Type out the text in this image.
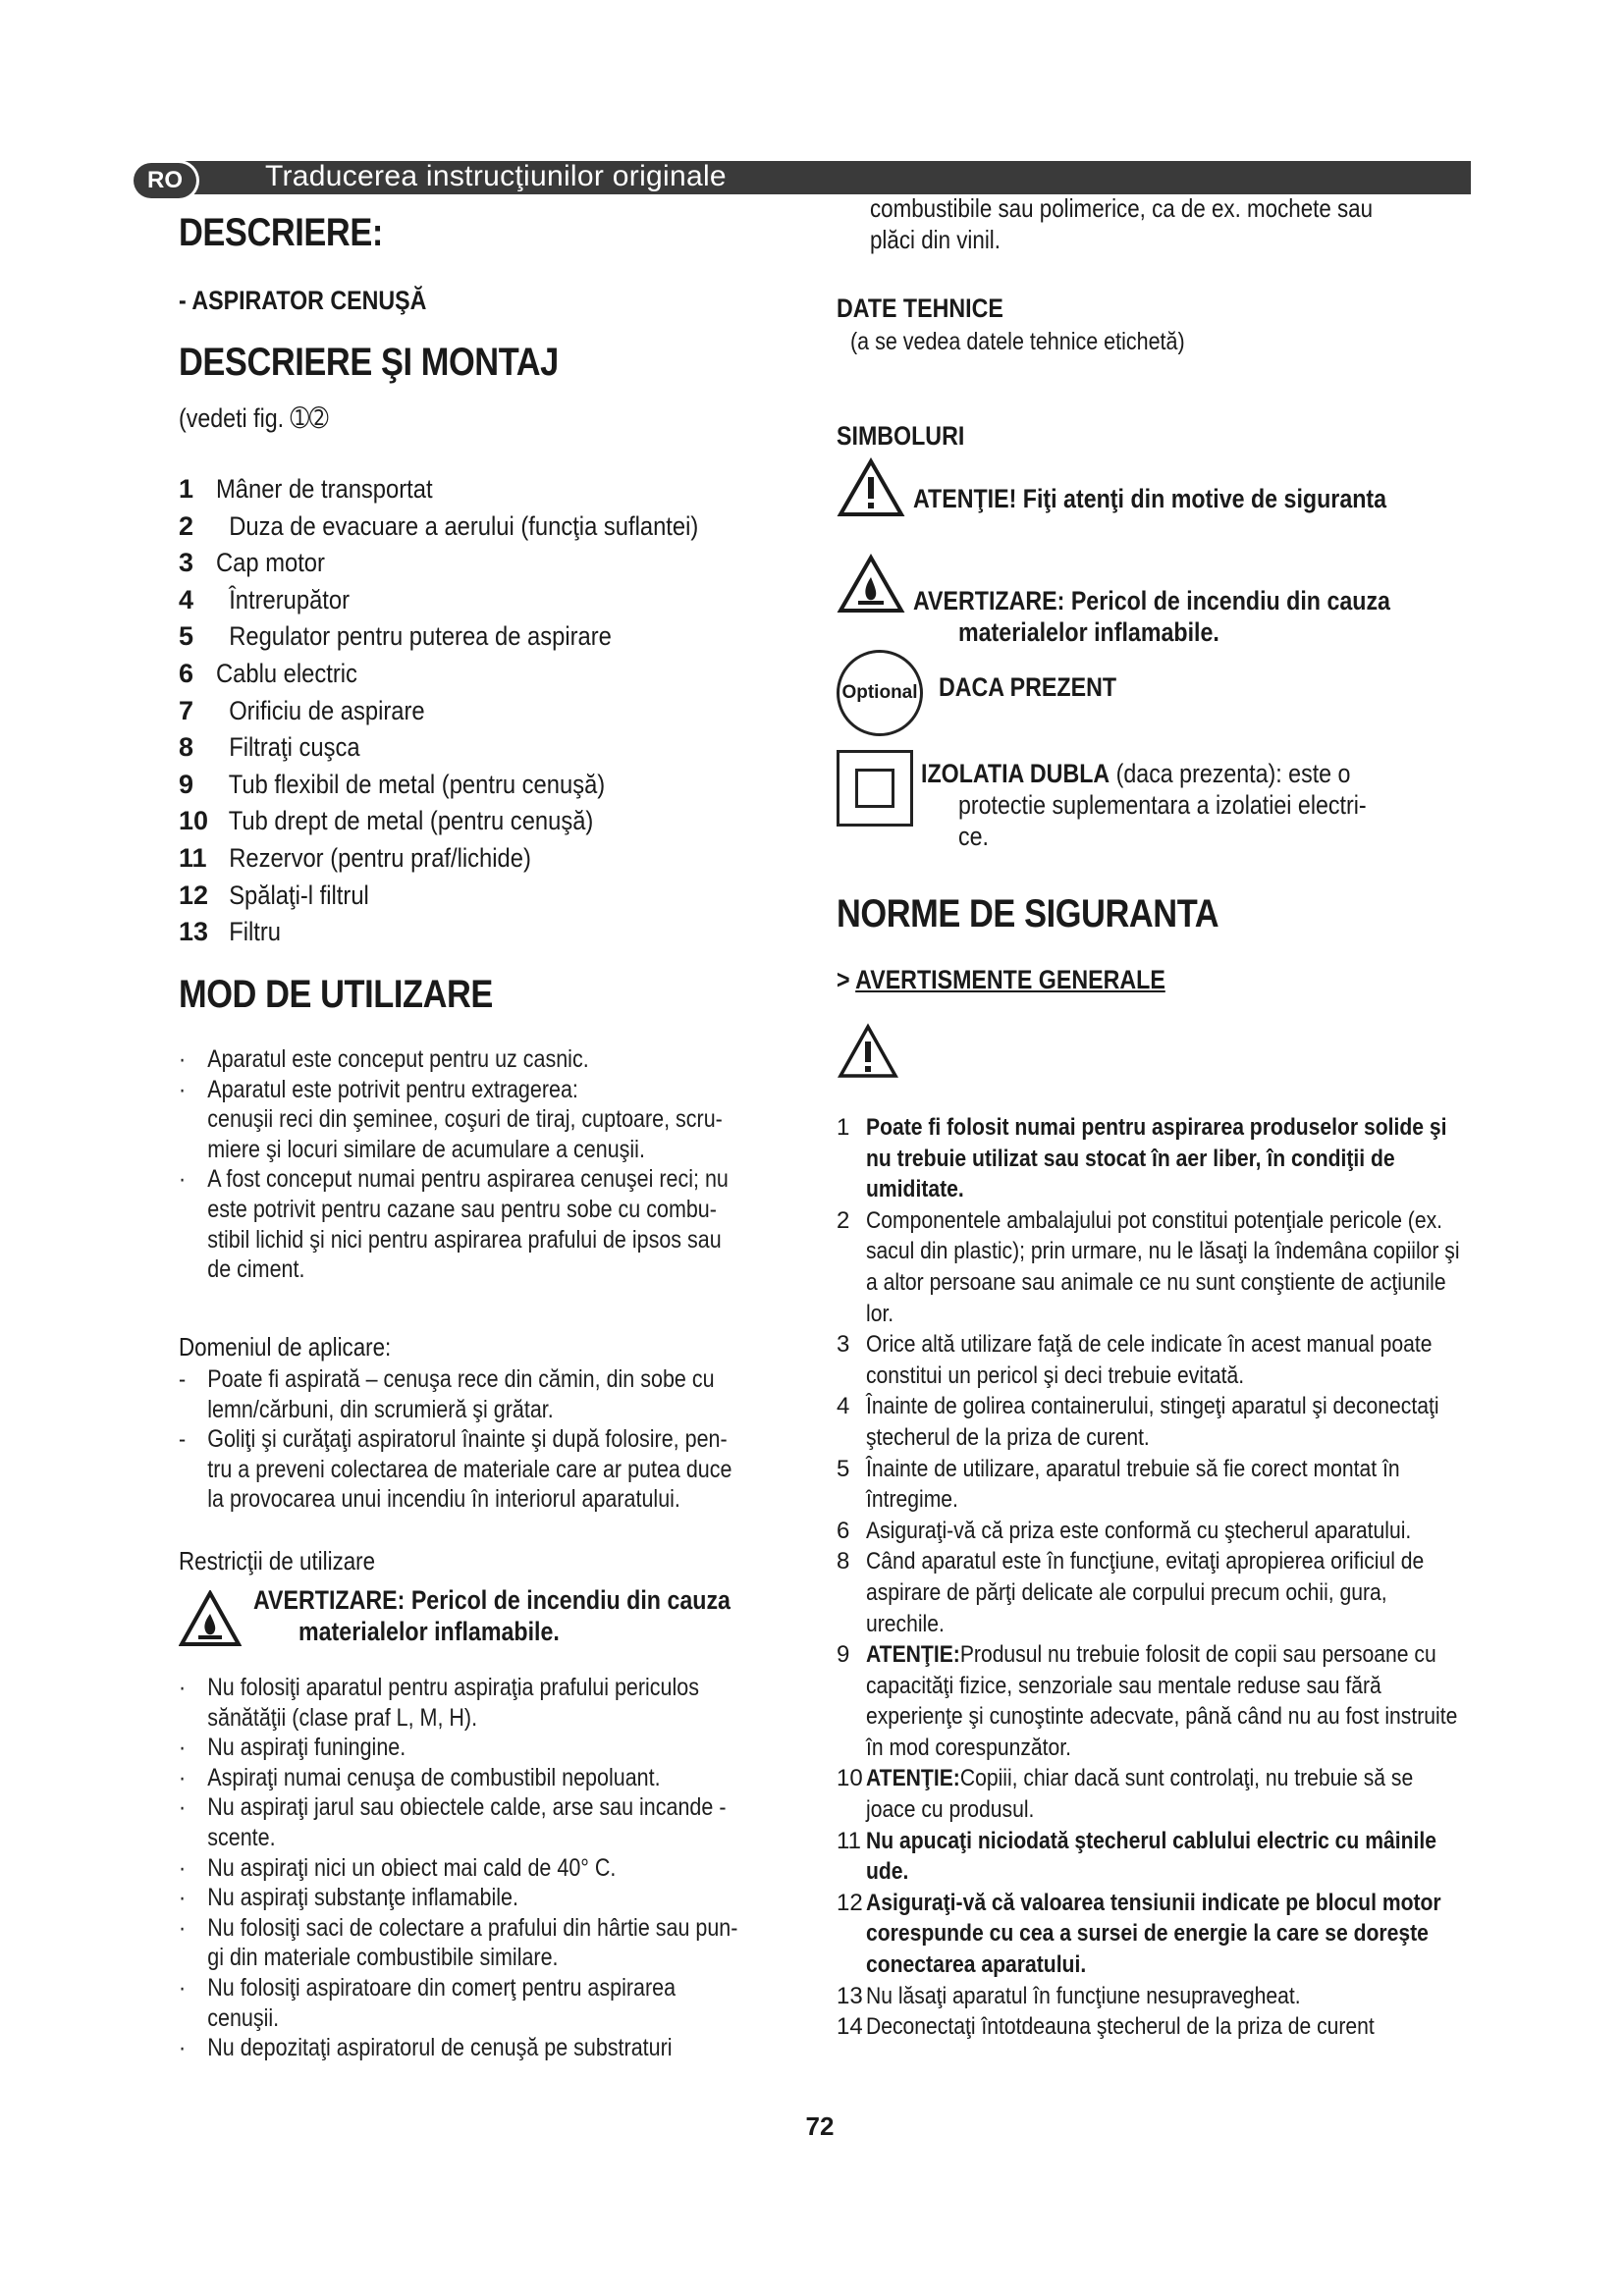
Traducerea instrucţiunilor originale
RO
DESCRIERE:
- ASPIRATOR CENUŞĂ
DESCRIERE ŞI MONTAJ
(vedeti fig. ➀➁
1 Mâner de transportat
2  Duza de evacuare a aerului (funcţia suflantei)
3 Cap motor
4  Întrerupător
5  Regulator pentru puterea de aspirare
6 Cablu electric
7  Orificiu de aspirare
8  Filtraţi cuşca
9  Tub flexibil de metal (pentru cenuşă)
10  Tub drept de metal (pentru cenuşă)
11  Rezervor (pentru praf/lichide)
12  Spălaţi-l filtrul
13  Filtru
MOD DE UTILIZARE
· Aparatul este conceput pentru uz casnic.
· Aparatul este potrivit pentru extragerea:
cenuşii reci din şeminee, coşuri de tiraj, cuptoare, scru-
miere şi locuri similare de acumulare a cenuşii.
· A fost conceput numai pentru aspirarea cenuşei reci; nu
este potrivit pentru cazane sau pentru sobe cu combu-
stibil lichid şi nici pentru aspirarea prafului de ipsos sau
de ciment.
Domeniul de aplicare:
- Poate fi aspirată – cenuşa rece din cămin, din sobe cu
lemn/cărbuni, din scrumieră şi grătar.
- Goliţi şi curăţaţi aspiratorul înainte şi după folosire, pen-
tru a preveni colectarea de materiale care ar putea duce
la provocarea unui incendiu în interiorul aparatului.
Restricţii de utilizare
AVERTIZARE: Pericol de incendiu din cauza
materialelor inflamabile.
· Nu folosiţi aparatul pentru aspiraţia prafului periculos
sănătăţii (clase praf L, M, H).
· Nu aspiraţi funingine.
· Aspiraţi numai cenuşa de combustibil nepoluant.
· Nu aspiraţi jarul sau obiectele calde, arse sau incande -
scente.
· Nu aspiraţi nici un obiect mai cald de 40° C.
· Nu aspiraţi substanţe inflamabile.
· Nu folosiţi saci de colectare a prafului din hârtie sau pun-
gi din materiale combustibile similare.
· Nu folosiţi aspiratoare din comerţ pentru aspirarea
cenuşii.
· Nu depozitaţi aspiratorul de cenuşă pe substraturi
combustibile sau polimerice, ca de ex. mochete sau
plăci din vinil.
DATE TEHNICE
(a se vedea datele tehnice etichetă)
SIMBOLURI
ATENŢIE! Fiţi atenţi din motive de siguranta
AVERTIZARE: Pericol de incendiu din cauza
materialelor inflamabile.
DACA PREZENT
IZOLATIA DUBLA (daca prezenta): este o
protectie suplementara a izolatiei electri-
ce.
NORME DE SIGURANTA
> AVERTISMENTE GENERALE
1 Poate fi folosit numai pentru aspirarea produselor solide şi nu trebuie utilizat sau stocat în aer liber, în condiţii de umiditate.
2 Componentele ambalajului pot constitui potenţiale pericole (ex. sacul din plastic); prin urmare, nu le lăsaţi la îndemâna copiilor şi a altor persoane sau animale ce nu sunt conştiente de acţiunile lor.
3 Orice altă utilizare faţă de cele indicate în acest manual poate constitui un pericol şi deci trebuie evitată.
4 Înainte de golirea containerului, stingeţi aparatul şi deconectaţi ştecherul de la priza de curent.
5 Înainte de utilizare, aparatul trebuie să fie corect montat în întregime.
6 Asiguraţi-vă că priza este conformă cu ştecherul aparatului.
8 Când aparatul este în funcţiune, evitaţi apropierea orificiul de aspirare de părţi delicate ale corpului precum ochii, gura, urechile.
9 ATENŢIE:Produsul nu trebuie folosit de copii sau persoane cu capacităţi fizice, senzoriale sau mentale reduse sau fără experienţe şi cunoştinte adecvate, până când nu au fost instruite în mod corespunzător.
10 ATENŢIE:Copiii, chiar dacă sunt controlaţi, nu trebuie să se joace cu produsul.
11 Nu apucaţi niciodată ştecherul cablului electric cu mâinile ude.
12 Asiguraţi-vă că valoarea tensiunii indicate pe blocul motor corespunde cu cea a sursei de energie la care se doreşte conectarea aparatului.
13 Nu lăsaţi aparatul în funcţiune nesupravegheat.
14 Deconectaţi întotdeauna ştecherul de la priza de curent
Optional
72
